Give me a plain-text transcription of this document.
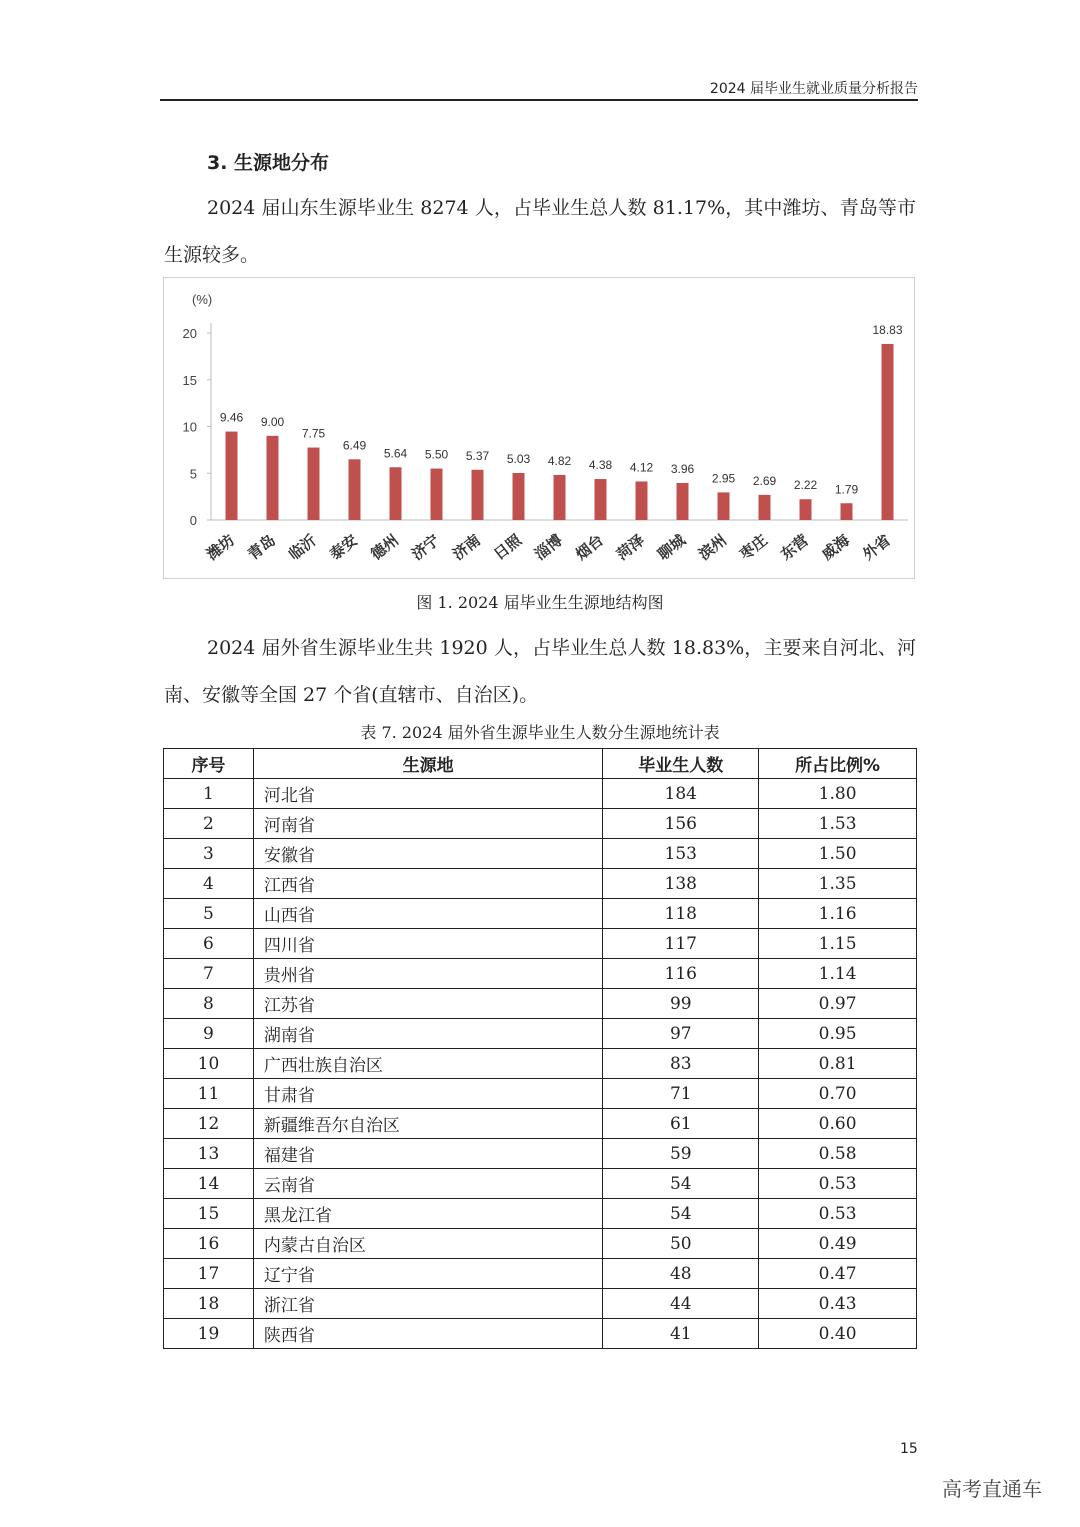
2024 届毕业生就业质量分析报告
3. 生源地分布

2024 届山东生源毕业生 8274 人，占毕业生总人数 81.17%，其中潍坊、青岛等市生源较多。

(%)
0
5
10
15
20
9.46
潍坊
9.00
青岛
7.75
临沂
6.49
泰安
5.64
德州
5.50
济宁
5.37
济南
5.03
日照
4.82
淄博
4.38
烟台
4.12
菏泽
3.96
聊城
2.95
滨州
2.69
枣庄
2.22
东营
1.79
威海
18.83
外省
图 1. 2024 届毕业生生源地结构图

2024 届外省生源毕业生共 1920 人，占毕业生总人数 18.83%，主要来自河北、河南、安徽等全国 27 个省(直辖市、自治区)。

表 7. 2024 届外省生源毕业生人数分生源地统计表
序号	生源地	毕业生人数	所占比例%
1	河北省	184	1.80
2	河南省	156	1.53
3	安徽省	153	1.50
4	江西省	138	1.35
5	山西省	118	1.16
6	四川省	117	1.15
7	贵州省	116	1.14
8	江苏省	99	0.97
9	湖南省	97	0.95
10	广西壮族自治区	83	0.81
11	甘肃省	71	0.70
12	新疆维吾尔自治区	61	0.60
13	福建省	59	0.58
14	云南省	54	0.53
15	黑龙江省	54	0.53
16	内蒙古自治区	50	0.49
17	辽宁省	48	0.47
18	浙江省	44	0.43
19	陕西省	41	0.40
15
高考直通车
